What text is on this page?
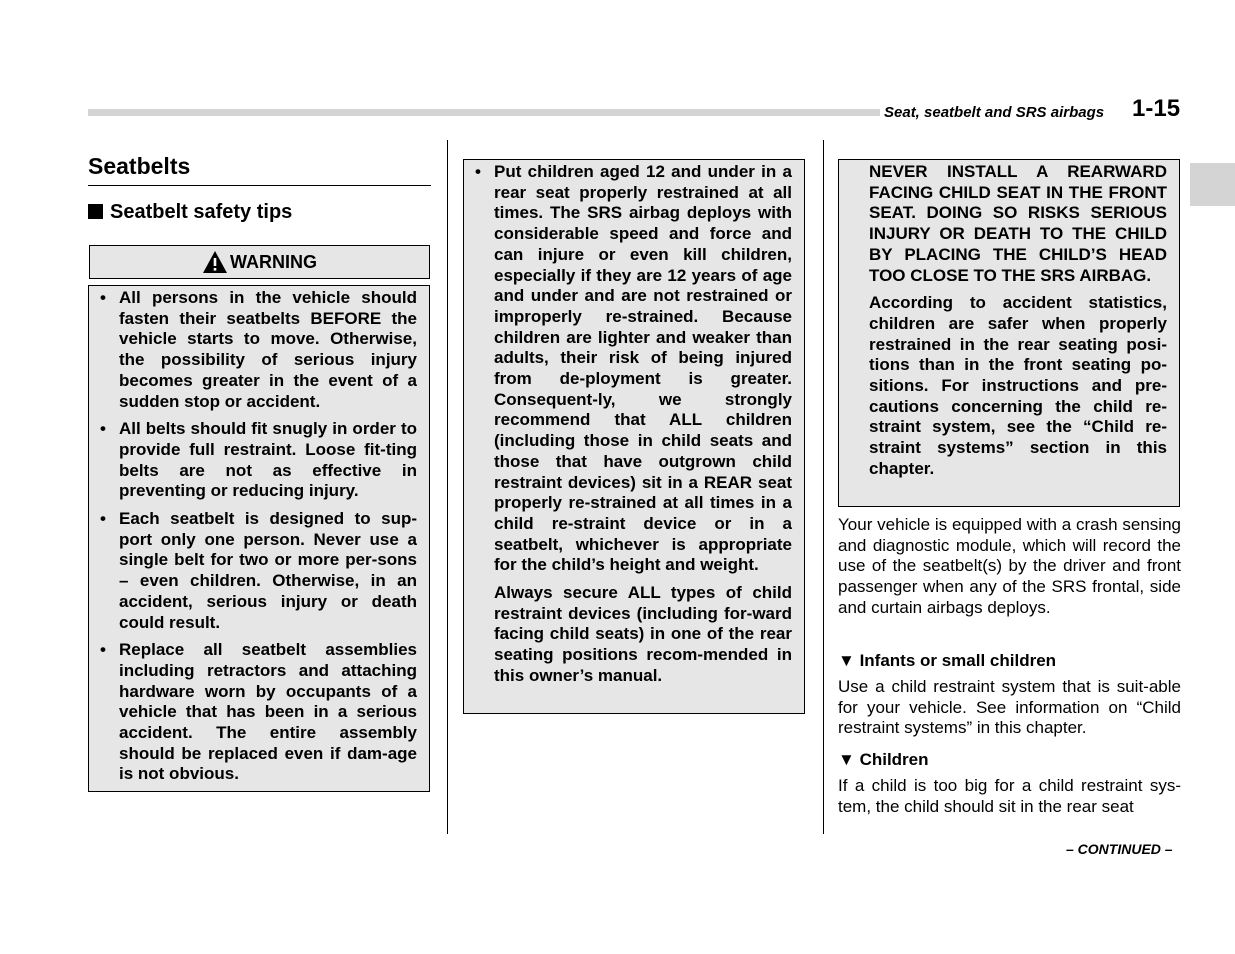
Seat, seatbelt and SRS airbags 1-15
Seatbelts
Seatbelt safety tips
WARNING
• All persons in the vehicle should fasten their seatbelts BEFORE the vehicle starts to move. Otherwise, the possibility of serious injury becomes greater in the event of a sudden stop or accident.
• All belts should fit snugly in order to provide full restraint. Loose fit-ting belts are not as effective in preventing or reducing injury.
• Each seatbelt is designed to sup-port only one person. Never use a single belt for two or more per-sons – even children. Otherwise, in an accident, serious injury or death could result.
• Replace all seatbelt assemblies including retractors and attaching hardware worn by occupants of a vehicle that has been in a serious accident. The entire assembly should be replaced even if dam-age is not obvious.
• Put children aged 12 and under in a rear seat properly restrained at all times. The SRS airbag deploys with considerable speed and force and can injure or even kill children, especially if they are 12 years of age and under and are not restrained or improperly re-strained. Because children are lighter and weaker than adults, their risk of being injured from de-ployment is greater. Consequent-ly, we strongly recommend that ALL children (including those in child seats and those that have outgrown child restraint devices) sit in a REAR seat properly re-strained at all times in a child re-straint device or in a seatbelt, whichever is appropriate for the child’s height and weight.
Always secure ALL types of child restraint devices (including for-ward facing child seats) in one of the rear seating positions recom-mended in this owner’s manual.
NEVER INSTALL A REARWARD FACING CHILD SEAT IN THE FRONT SEAT. DOING SO RISKS SERIOUS INJURY OR DEATH TO THE CHILD BY PLACING THE CHILD’S HEAD TOO CLOSE TO THE SRS AIRBAG.
According to accident statistics, children are safer when properly restrained in the rear seating posi-tions than in the front seating po-sitions. For instructions and pre-cautions concerning the child re-straint system, see the “Child re-straint systems” section in this chapter.
Your vehicle is equipped with a crash sensing and diagnostic module, which will record the use of the seatbelt(s) by the driver and front passenger when any of the SRS frontal, side and curtain airbags deploys.
▼ Infants or small children
Use a child restraint system that is suit-able for your vehicle. See information on “Child restraint systems” in this chapter.
▼ Children
If a child is too big for a child restraint sys-tem, the child should sit in the rear seat
– CONTINUED –
